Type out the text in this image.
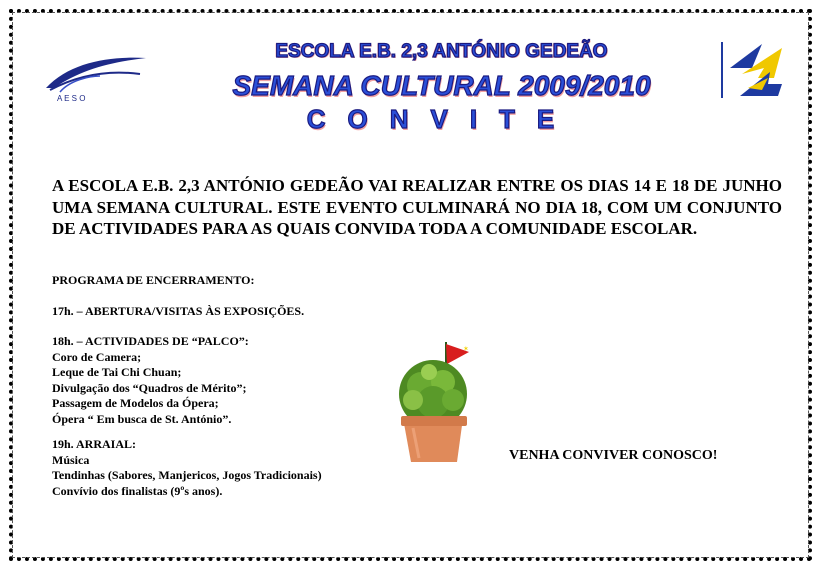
A E S O
ESCOLA E.B. 2,3 ANTÓNIO GEDEÃO
SEMANA CULTURAL 2009/2010
CONVITE
A ESCOLA E.B. 2,3 ANTÓNIO GEDEÃO VAI REALIZAR ENTRE OS DIAS 14 E 18 DE JUNHO UMA SEMANA CULTURAL. ESTE EVENTO CULMINARÁ NO DIA 18, COM UM CONJUNTO DE ACTIVIDADES PARA AS QUAIS CONVIDA TODA A COMUNIDADE ESCOLAR.
PROGRAMA DE ENCERRAMENTO:
17h. – ABERTURA/VISITAS ÀS EXPOSIÇÕES.
18h. – ACTIVIDADES DE “PALCO”:
Coro de Camera;
Leque de Tai Chi Chuan;
Divulgação dos “Quadros de Mérito”;
Passagem de Modelos da Ópera;
Ópera “ Em busca de St. António”.
19h. ARRAIAL:
Música
Tendinhas (Sabores, Manjericos, Jogos Tradicionais)
Convívio dos finalistas (9ºs anos).
✶
VENHA CONVIVER CONOSCO!
